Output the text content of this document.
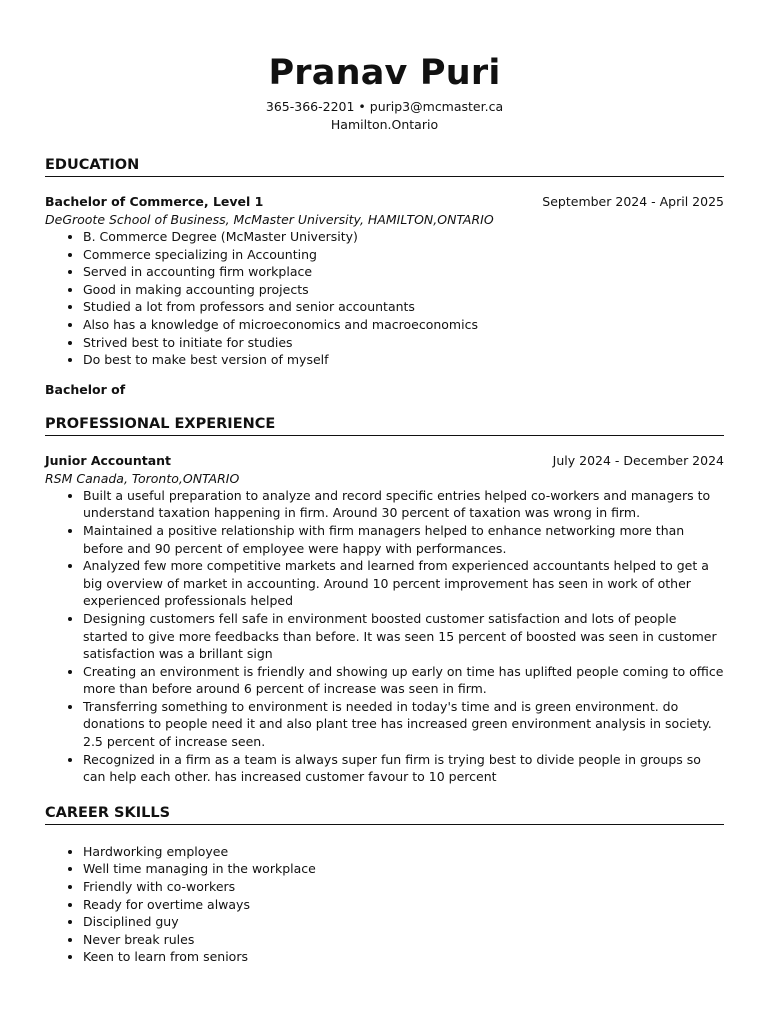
Pranav Puri
365-366-2201 • purip3@mcmaster.ca
Hamilton.Ontario
EDUCATION
Bachelor of Commerce, Level 1	September 2024 - April 2025
DeGroote School of Business, McMaster University, HAMILTON,ONTARIO
• B. Commerce Degree (McMaster University)
• Commerce specializing in Accounting
• Served in accounting firm workplace
• Good in making accounting projects
• Studied a lot from professors and senior accountants
• Also has a knowledge of microeconomics and macroeconomics
• Strived best to initiate for studies
• Do best to make best version of myself
Bachelor of
PROFESSIONAL EXPERIENCE
Junior Accountant	July 2024 - December 2024
RSM Canada, Toronto,ONTARIO
• Built a useful preparation to analyze and record specific entries helped co-workers and managers to understand taxation happening in firm. Around 30 percent of taxation was wrong in firm.
• Maintained a positive relationship with firm managers helped to enhance networking more than before and 90 percent of employee were happy with performances.
• Analyzed few more competitive markets and learned from experienced accountants helped to get a big overview of market in accounting. Around 10 percent improvement has seen in work of other experienced professionals helped
• Designing customers fell safe in environment boosted customer satisfaction and lots of people started to give more feedbacks than before. It was seen 15 percent of boosted was seen in customer satisfaction was a brillant sign
• Creating an environment is friendly and showing up early on time has uplifted people coming to office more than before around 6 percent of increase was seen in firm.
• Transferring something to environment is needed in today's time and is green environment. do donations to people need it and also plant tree has increased green environment analysis in society. 2.5 percent of increase seen.
• Recognized in a firm as a team is always super fun firm is trying best to divide people in groups so can help each other. has increased customer favour to 10 percent
CAREER SKILLS
• Hardworking employee
• Well time managing in the workplace
• Friendly with co-workers
• Ready for overtime always
• Disciplined guy
• Never break rules
• Keen to learn from seniors
